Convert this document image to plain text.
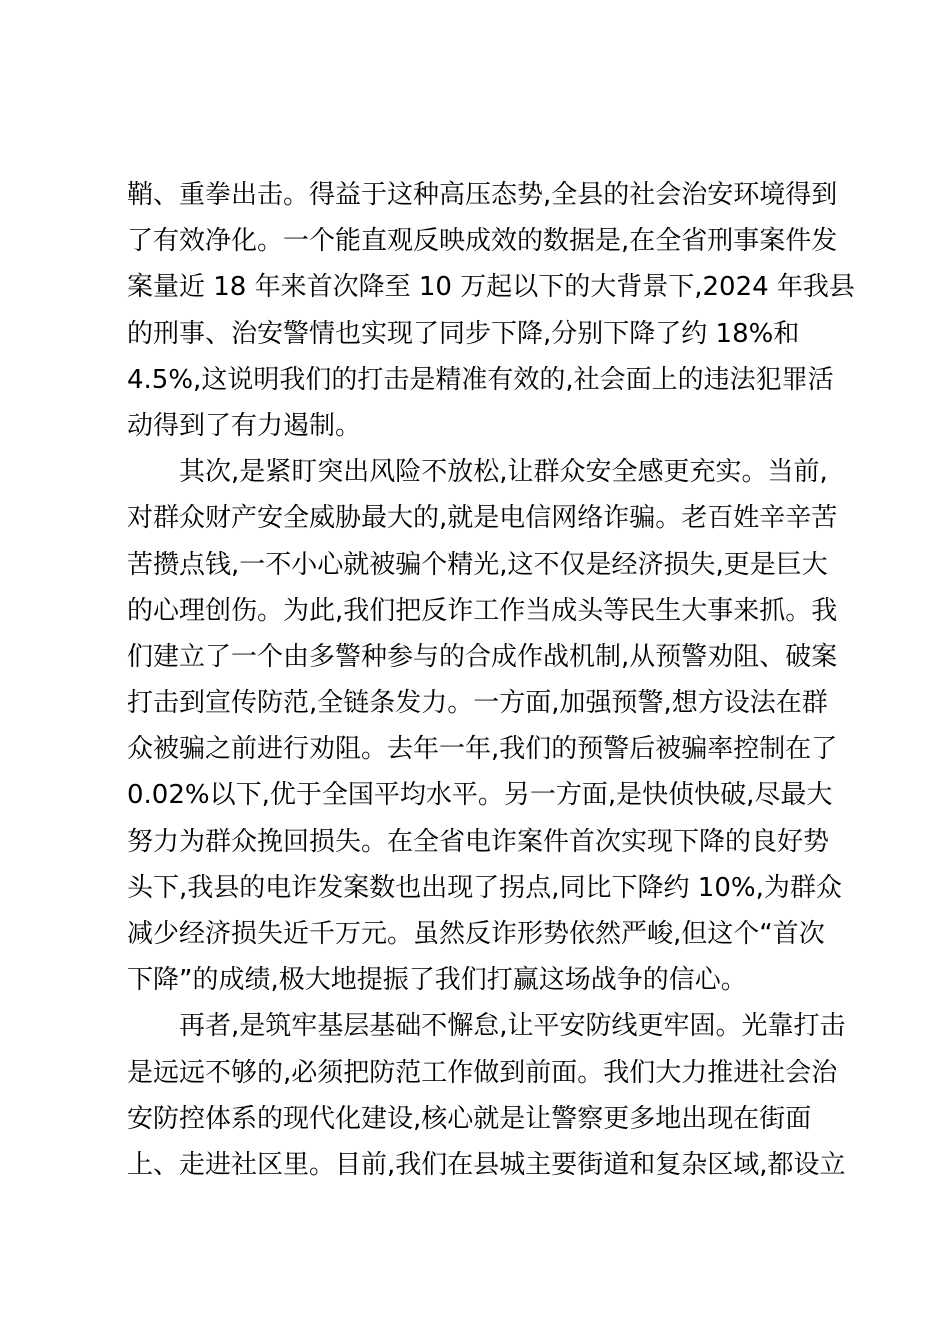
鞘、重拳出击。得益于这种高压态势,全县的社会治安环境得到
了有效净化。一个能直观反映成效的数据是,在全省刑事案件发
案量近 18 年来首次降至 10 万起以下的大背景下,2024 年我县
的刑事、治安警情也实现了同步下降,分别下降了约 18%和
4.5%,这说明我们的打击是精准有效的,社会面上的违法犯罪活
动得到了有力遏制。
其次,是紧盯突出风险不放松,让群众安全感更充实。当前,
对群众财产安全威胁最大的,就是电信网络诈骗。老百姓辛辛苦
苦攒点钱,一不小心就被骗个精光,这不仅是经济损失,更是巨大
的心理创伤。为此,我们把反诈工作当成头等民生大事来抓。我
们建立了一个由多警种参与的合成作战机制,从预警劝阻、破案
打击到宣传防范,全链条发力。一方面,加强预警,想方设法在群
众被骗之前进行劝阻。去年一年,我们的预警后被骗率控制在了
0.02%以下,优于全国平均水平。另一方面,是快侦快破,尽最大
努力为群众挽回损失。在全省电诈案件首次实现下降的良好势
头下,我县的电诈发案数也出现了拐点,同比下降约 10%,为群众
减少经济损失近千万元。虽然反诈形势依然严峻,但这个“首次
下降”的成绩,极大地提振了我们打赢这场战争的信心。
再者,是筑牢基层基础不懈怠,让平安防线更牢固。光靠打击
是远远不够的,必须把防范工作做到前面。我们大力推进社会治
安防控体系的现代化建设,核心就是让警察更多地出现在街面
上、走进社区里。目前,我们在县城主要街道和复杂区域,都设立
